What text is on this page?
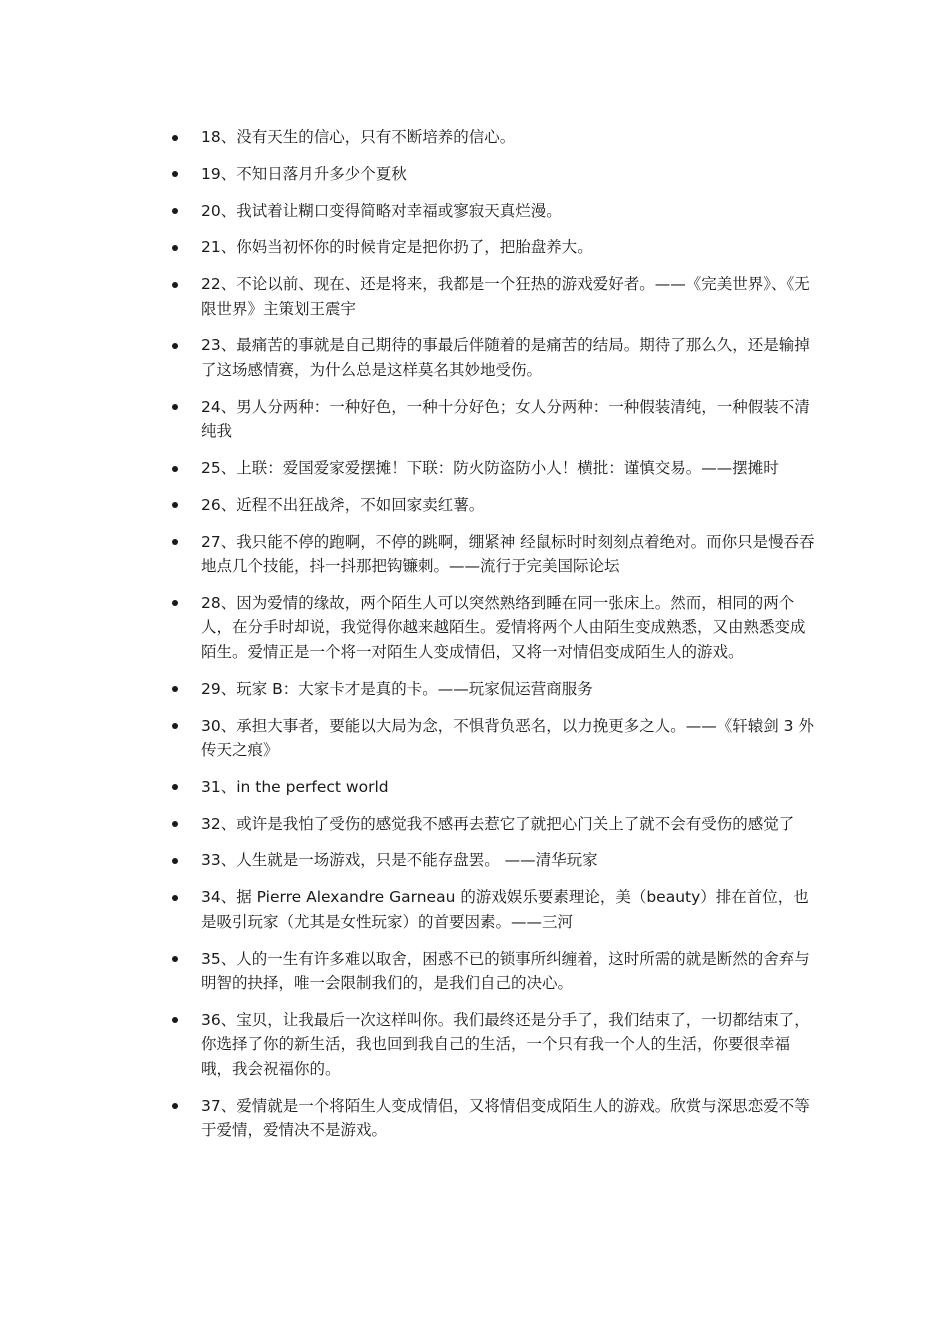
18、没有天生的信心，只有不断培养的信心。
19、不知日落月升多少个夏秋
20、我试着让糊口变得简略对幸福或寥寂天真烂漫。
21、你妈当初怀你的时候肯定是把你扔了，把胎盘养大。
22、不论以前、现在、还是将来，我都是一个狂热的游戏爱好者。——《完美世界》、《无限世界》主策划王震宇
23、最痛苦的事就是自己期待的事最后伴随着的是痛苦的结局。期待了那么久，还是输掉了这场感情赛，为什么总是这样莫名其妙地受伤。
24、男人分两种：一种好色，一种十分好色；女人分两种：一种假装清纯，一种假装不清纯我
25、上联：爱国爱家爱摆摊！下联：防火防盗防小人！横批：谨慎交易。——摆摊时
26、近程不出狂战斧，不如回家卖红薯。
27、我只能不停的跑啊，不停的跳啊，绷紧神 经鼠标时时刻刻点着绝对。而你只是慢吞吞地点几个技能，抖一抖那把钩镰刺。——流行于完美国际论坛
28、因为爱情的缘故，两个陌生人可以突然熟络到睡在同一张床上。然而，相同的两个人，在分手时却说，我觉得你越来越陌生。爱情将两个人由陌生变成熟悉，又由熟悉变成陌生。爱情正是一个将一对陌生人变成情侣，又将一对情侣变成陌生人的游戏。
29、玩家 B：大家卡才是真的卡。——玩家侃运营商服务
30、承担大事者，要能以大局为念，不惧背负恶名，以力挽更多之人。——《轩辕剑 3 外传天之痕》
31、in the perfect world
32、或许是我怕了受伤的感觉我不感再去惹它了就把心门关上了就不会有受伤的感觉了
33、人生就是一场游戏，只是不能存盘罢。 ——清华玩家
34、据 Pierre Alexandre Garneau 的游戏娱乐要素理论，美（beauty）排在首位，也是吸引玩家（尤其是女性玩家）的首要因素。——三河
35、人的一生有许多难以取舍，困惑不已的锁事所纠缠着，这时所需的就是断然的舍弃与明智的抉择，唯一会限制我们的，是我们自己的决心。
36、宝贝，让我最后一次这样叫你。我们最终还是分手了，我们结束了，一切都结束了，你选择了你的新生活，我也回到我自己的生活，一个只有我一个人的生活，你要很幸福哦，我会祝福你的。
37、爱情就是一个将陌生人变成情侣，又将情侣变成陌生人的游戏。欣赏与深思恋爱不等于爱情，爱情决不是游戏。
